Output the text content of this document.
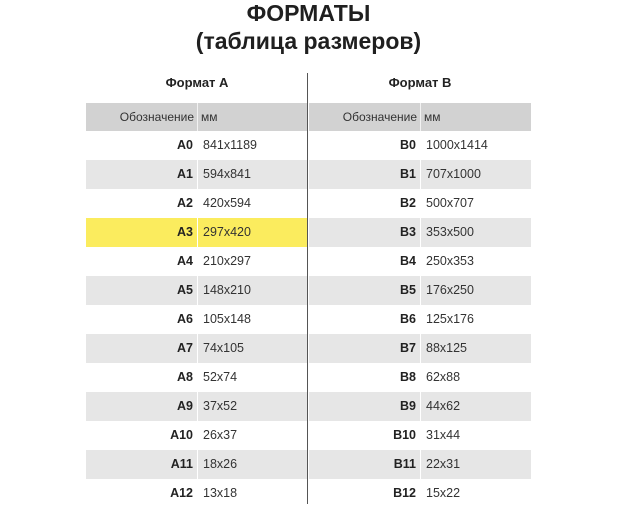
ФОРМАТЫ
(таблица размеров)
Формат A
Обозначение мм
A0 841x1189
A1 594x841
A2 420x594
A3 297x420
A4 210x297
A5 148x210
A6 105x148
A7 74x105
A8 52x74
A9 37x52
A10 26x37
A11 18x26
A12 13x18
Формат B
Обозначение мм
B0 1000x1414
B1 707x1000
B2 500x707
B3 353x500
B4 250x353
B5 176x250
B6 125x176
B7 88x125
B8 62x88
B9 44x62
B10 31x44
B11 22x31
B12 15x22
